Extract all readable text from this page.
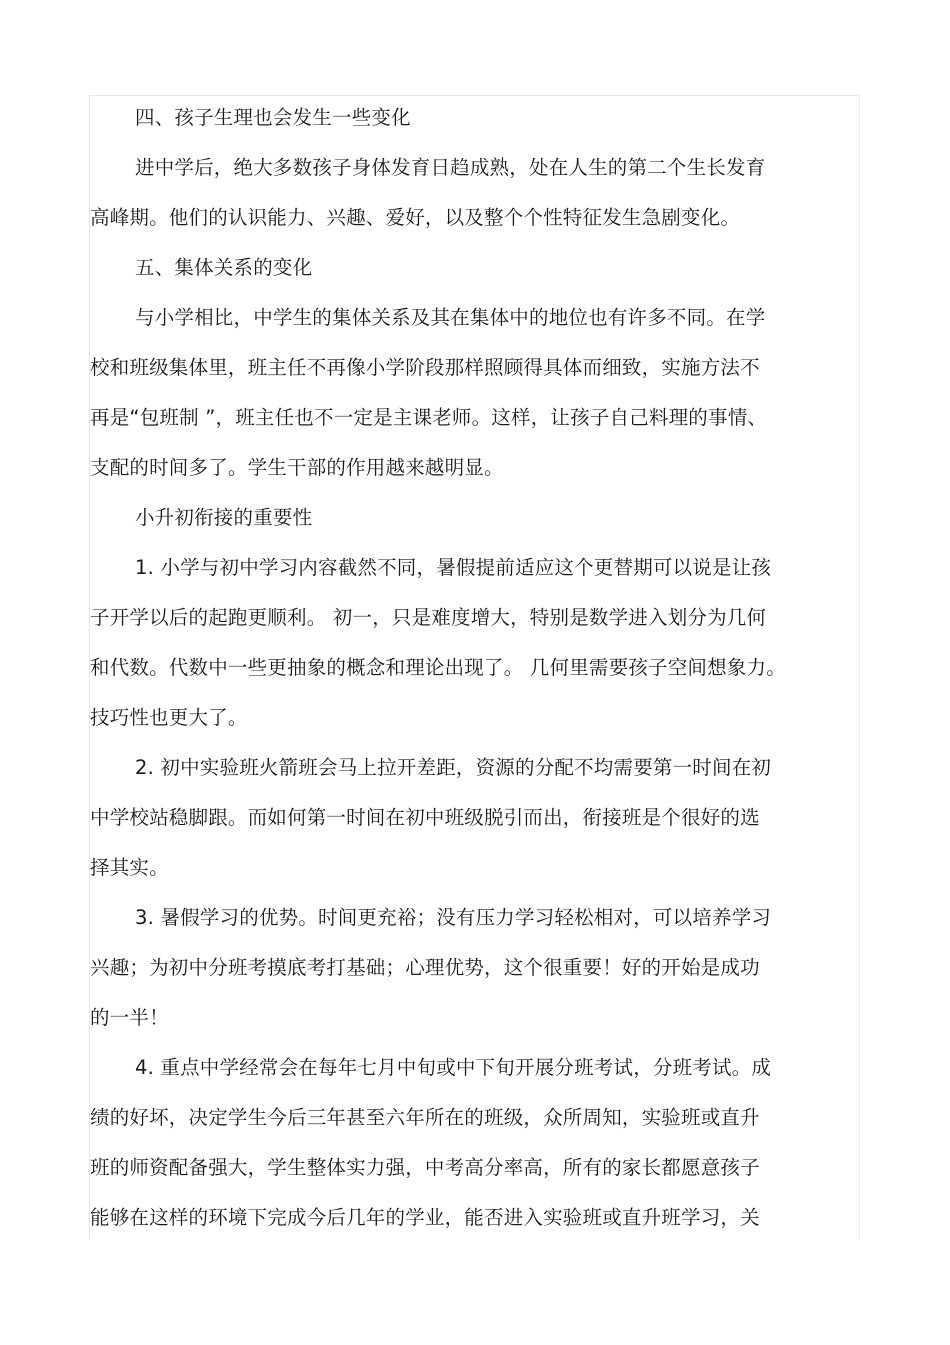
四、孩子生理也会发生一些变化
进中学后，绝大多数孩子身体发育日趋成熟，处在人生的第二个生长发育
高峰期。他们的认识能力、兴趣、爱好，以及整个个性特征发生急剧变化。
五、集体关系的变化
与小学相比，中学生的集体关系及其在集体中的地位也有许多不同。在学
校和班级集体里，班主任不再像小学阶段那样照顾得具体而细致，实施方法不
再是“包班制 ”，班主任也不一定是主课老师。这样，让孩子自己料理的事情、
支配的时间多了。学生干部的作用越来越明显。
小升初衔接的重要性
1. 小学与初中学习内容截然不同，暑假提前适应这个更替期可以说是让孩
子开学以后的起跑更顺利。 初一，只是难度增大，特别是数学进入划分为几何
和代数。代数中一些更抽象的概念和理论出现了。 几何里需要孩子空间想象力。
技巧性也更大了。
2. 初中实验班火箭班会马上拉开差距，资源的分配不均需要第一时间在初
中学校站稳脚跟。而如何第一时间在初中班级脱引而出，衔接班是个很好的选
择其实。
3. 暑假学习的优势。时间更充裕；没有压力学习轻松相对，可以培养学习
兴趣；为初中分班考摸底考打基础；心理优势，这个很重要！好的开始是成功
的一半！
4. 重点中学经常会在每年七月中旬或中下旬开展分班考试，分班考试。成
绩的好坏，决定学生今后三年甚至六年所在的班级，众所周知，实验班或直升
班的师资配备强大，学生整体实力强，中考高分率高，所有的家长都愿意孩子
能够在这样的环境下完成今后几年的学业，能否进入实验班或直升班学习，关
